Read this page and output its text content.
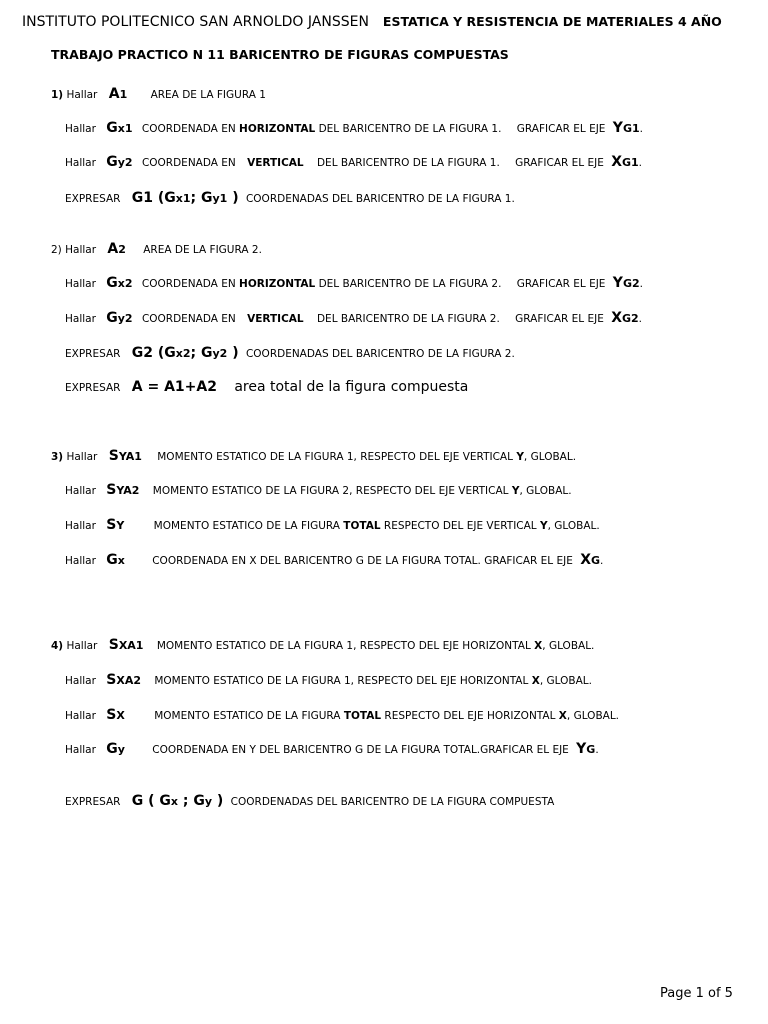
INSTITUTO POLITECNICO SAN ARNOLDO JANSSEN ESTATICA Y RESISTENCIA DE MATERIALES 4 AÑO
TRABAJO PRACTICO N 11 BARICENTRO DE FIGURAS COMPUESTAS
1) Hallar A1 AREA DE LA FIGURA 1
Hallar Gx1 COORDENADA EN HORIZONTAL DEL BARICENTRO DE LA FIGURA 1. GRAFICAR EL EJE YG1.
Hallar Gy2 COORDENADA EN VERTICAL DEL BARICENTRO DE LA FIGURA 1. GRAFICAR EL EJE XG1.
EXPRESAR G1 (Gx1; Gy1 ) COORDENADAS DEL BARICENTRO DE LA FIGURA 1.
2) Hallar A2 AREA DE LA FIGURA 2.
Hallar Gx2 COORDENADA EN HORIZONTAL DEL BARICENTRO DE LA FIGURA 2. GRAFICAR EL EJE YG2.
Hallar Gy2 COORDENADA EN VERTICAL DEL BARICENTRO DE LA FIGURA 2. GRAFICAR EL EJE XG2.
EXPRESAR G2 (Gx2; Gy2 ) COORDENADAS DEL BARICENTRO DE LA FIGURA 2.
EXPRESAR A = A1+A2 area total de la figura compuesta
3) Hallar SYA1 MOMENTO ESTATICO DE LA FIGURA 1, RESPECTO DEL EJE VERTICAL Y, GLOBAL.
Hallar SYA2 MOMENTO ESTATICO DE LA FIGURA 2, RESPECTO DEL EJE VERTICAL Y, GLOBAL.
Hallar SY	MOMENTO ESTATICO DE LA FIGURA TOTAL RESPECTO DEL EJE VERTICAL Y, GLOBAL.
Hallar Gx	COORDENADA EN X DEL BARICENTRO G DE LA FIGURA TOTAL. GRAFICAR EL EJE XG.
4) Hallar SXA1 MOMENTO ESTATICO DE LA FIGURA 1, RESPECTO DEL EJE HORIZONTAL X, GLOBAL.
Hallar SXA2 MOMENTO ESTATICO DE LA FIGURA 1, RESPECTO DEL EJE HORIZONTAL X, GLOBAL.
Hallar SX	MOMENTO ESTATICO DE LA FIGURA TOTAL RESPECTO DEL EJE HORIZONTAL X, GLOBAL.
Hallar Gy	COORDENADA EN Y DEL BARICENTRO G DE LA FIGURA TOTAL.GRAFICAR EL EJE YG.
EXPRESAR G ( Gx ; Gy ) COORDENADAS DEL BARICENTRO DE LA FIGURA COMPUESTA
Page 1 of 5
